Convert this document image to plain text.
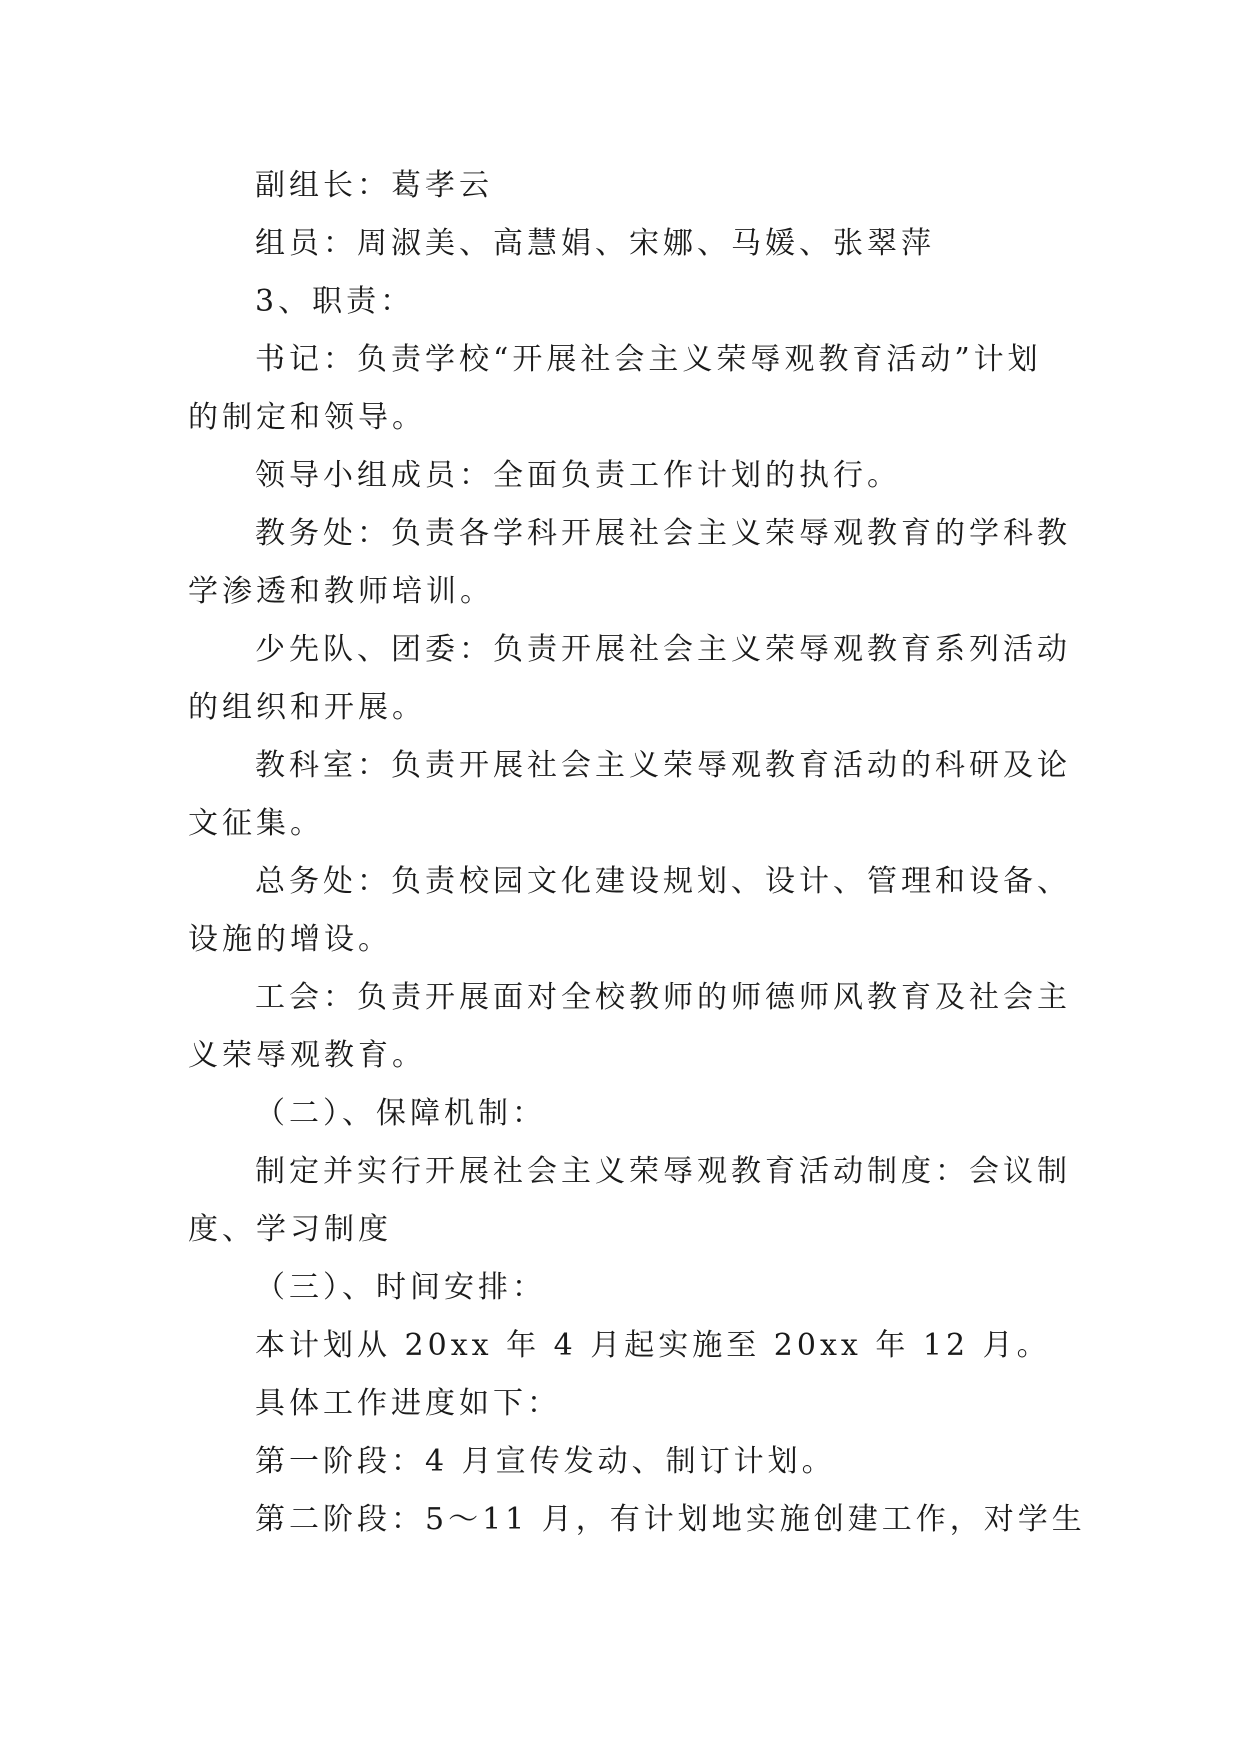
副组长：葛孝云
组员：周淑美、高慧娟、宋娜、马媛、张翠萍
3、职责：
书记：负责学校“开展社会主义荣辱观教育活动”计划
的制定和领导。
领导小组成员：全面负责工作计划的执行。
教务处：负责各学科开展社会主义荣辱观教育的学科教
学渗透和教师培训。
少先队、团委：负责开展社会主义荣辱观教育系列活动
的组织和开展。
教科室：负责开展社会主义荣辱观教育活动的科研及论
文征集。
总务处：负责校园文化建设规划、设计、管理和设备、
设施的增设。
工会：负责开展面对全校教师的师德师风教育及社会主
义荣辱观教育。
（二）、保障机制：
制定并实行开展社会主义荣辱观教育活动制度：会议制
度、学习制度
（三）、时间安排：
本计划从 20xx 年 4 月起实施至 20xx 年 12 月。
具体工作进度如下：
第一阶段：4 月宣传发动、制订计划。
第二阶段：5～11 月，有计划地实施创建工作，对学生
